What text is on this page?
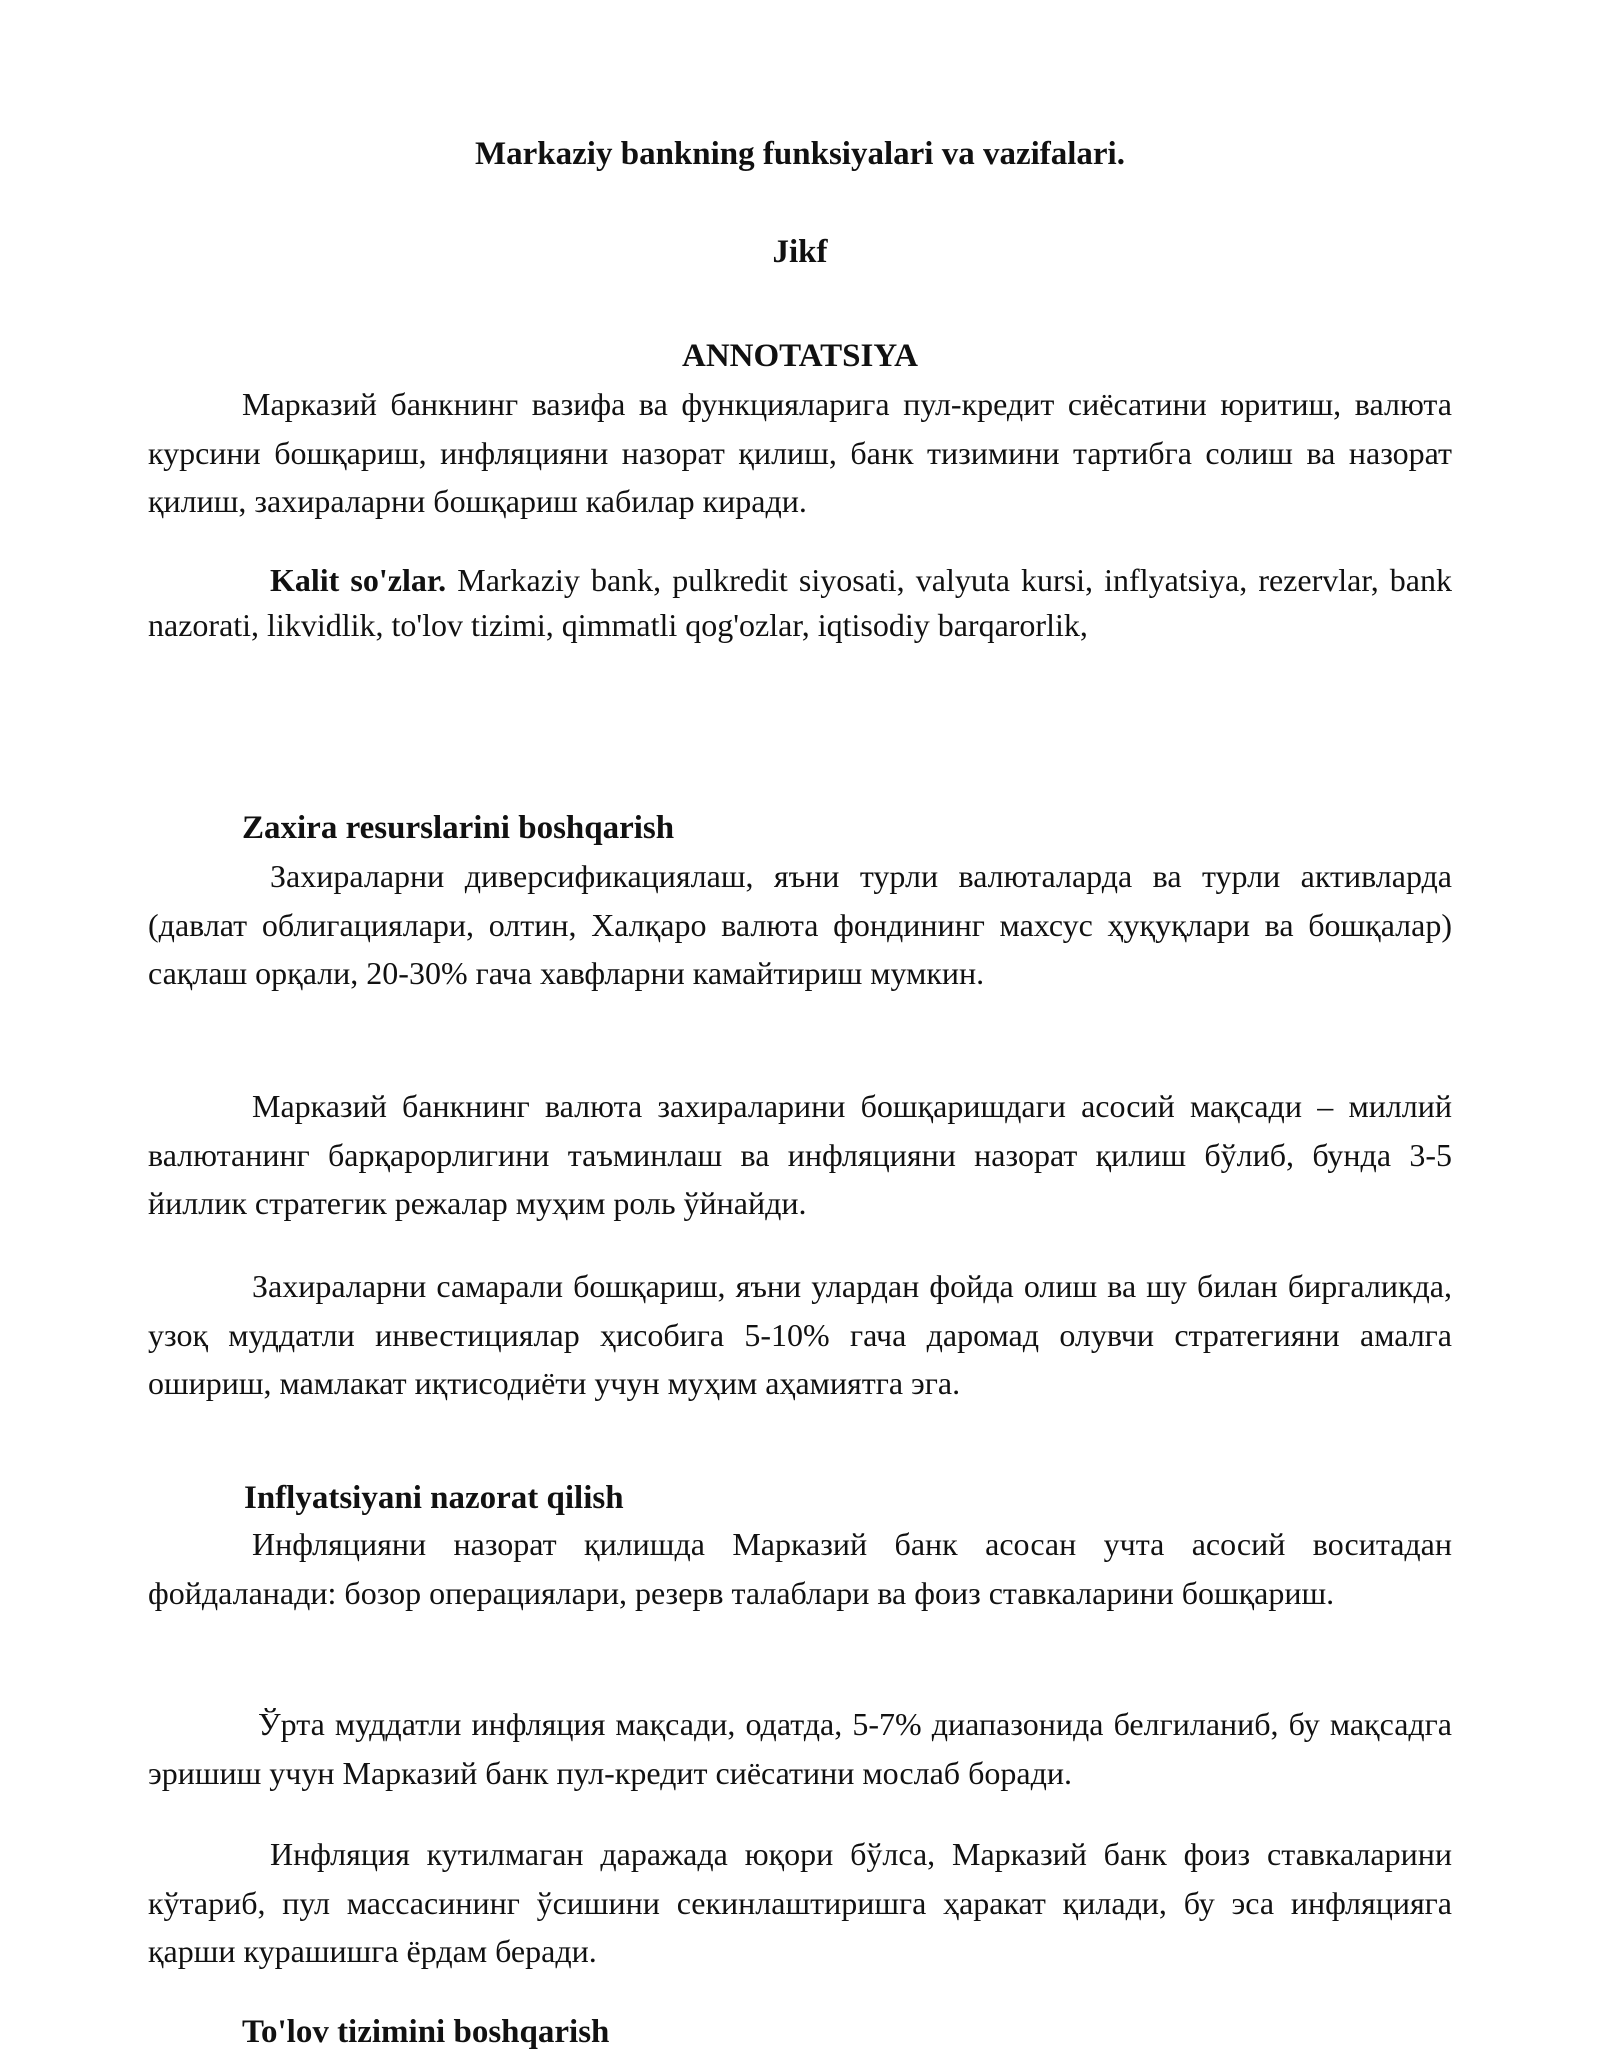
Markaziy bankning funksiyalari va vazifalari.
Jikf
ANNOTATSIYA

Марказий банкнинг вазифа ва функцияларига пул-кредит сиёсатини юритиш, валюта курсини бошқариш, инфляцияни назорат қилиш, банк тизимини тартибга солиш ва назорат қилиш, захираларни бошқариш кабилар киради.

Kalit so'zlar. Markaziy bank, pulkredit siyosati, valyuta kursi, inflyatsiya, rezervlar, bank nazorati, likvidlik, to'lov tizimi, qimmatli qog'ozlar, iqtisodiy barqarorlik,

Zaxira resurslarini boshqarish

Захираларни диверсификациялаш, яъни турли валюталарда ва турли активларда (давлат облигациялари, олтин, Халқаро валюта фондининг махсус ҳуқуқлари ва бошқалар) сақлаш орқали, 20-30% гача хавфларни камайтириш мумкин.

Марказий банкнинг валюта захираларини бошқаришдаги асосий мақсади – миллий валютанинг барқарорлигини таъминлаш ва инфляцияни назорат қилиш бўлиб, бунда 3-5 йиллик стратегик режалар муҳим роль ўйнайди.

Захираларни самарали бошқариш, яъни улардан фойда олиш ва шу билан биргаликда, узоқ муддатли инвестициялар ҳисобига 5-10% гача даромад олувчи стратегияни амалга ошириш, мамлакат иқтисодиёти учун муҳим аҳамиятга эга.

Inflyatsiyani nazorat qilish

Инфляцияни назорат қилишда Марказий банк асосан учта асосий воситадан фойдаланади: бозор операциялари, резерв талаблари ва фоиз ставкаларини бошқариш.

Ўрта муддатли инфляция мақсади, одатда, 5-7% диапазонида белгиланиб, бу мақсадга эришиш учун Марказий банк пул-кредит сиёсатини мослаб боради.

Инфляция кутилмаган даражада юқори бўлса, Марказий банк фоиз ставкаларини кўтариб, пул массасининг ўсишини секинлаштиришга ҳаракат қилади, бу эса инфляцияга қарши курашишга ёрдам беради.

To'lov tizimini boshqarish
